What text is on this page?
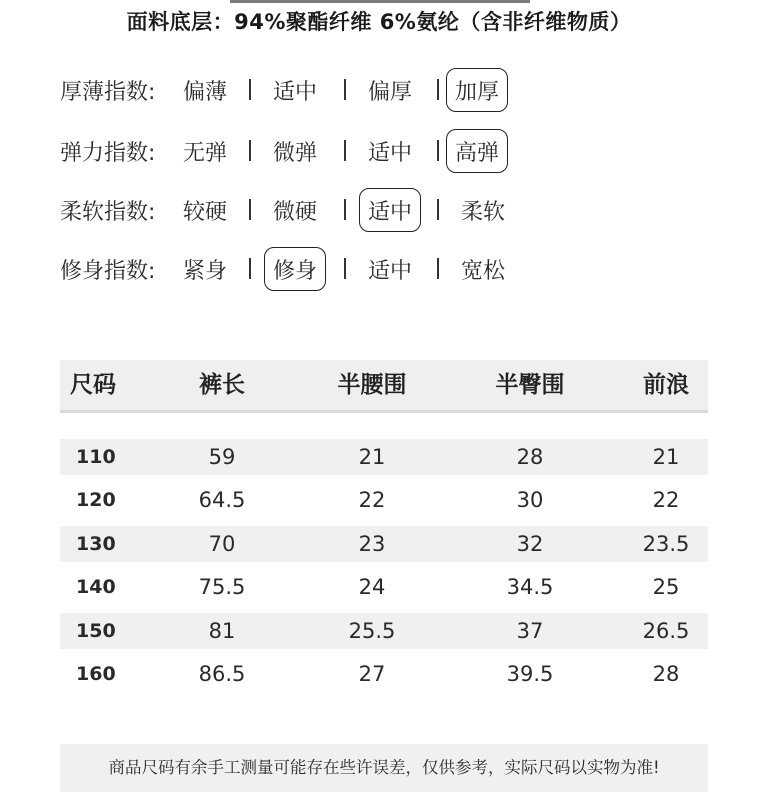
面料底层：94%聚酯纤维 6%氨纶（含非纤维物质）
厚薄指数:	偏薄 适中 偏厚	加厚
弹力指数:	无弹 微弹 适中	高弹
柔软指数:	较硬 微硬	适中	柔软
修身指数:	紧身	修身	适中	宽松
尺码	裤长	半腰围	半臀围	前浪
110	59	21	28	21
120	64.5	22	30	22
130	70	23	32	23.5
140	75.5	24	34.5	25
150	81	25.5	37	26.5
160	86.5	27	39.5	28
商品尺码有余手工测量可能存在些许误差，仅供参考，实际尺码以实物为准!
